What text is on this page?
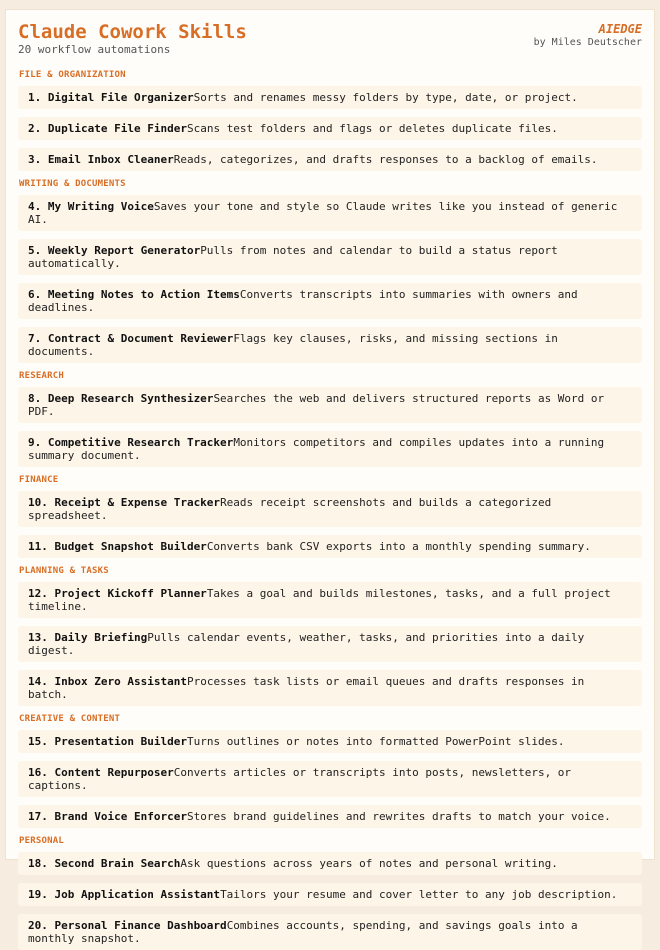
Claude Cowork Skills
20 workflow automations
AIEDGE
by Miles Deutscher
FILE & ORGANIZATION
1. Digital File OrganizerSorts and renames messy folders by type, date, or project.
2. Duplicate File FinderScans test folders and flags or deletes duplicate files.
3. Email Inbox CleanerReads, categorizes, and drafts responses to a backlog of emails.
WRITING & DOCUMENTS
4. My Writing VoiceSaves your tone and style so Claude writes like you instead of generic AI.
5. Weekly Report GeneratorPulls from notes and calendar to build a status report automatically.
6. Meeting Notes to Action ItemsConverts transcripts into summaries with owners and deadlines.
7. Contract & Document ReviewerFlags key clauses, risks, and missing sections in documents.
RESEARCH
8. Deep Research SynthesizerSearches the web and delivers structured reports as Word or PDF.
9. Competitive Research TrackerMonitors competitors and compiles updates into a running summary document.
FINANCE
10. Receipt & Expense TrackerReads receipt screenshots and builds a categorized spreadsheet.
11. Budget Snapshot BuilderConverts bank CSV exports into a monthly spending summary.
PLANNING & TASKS
12. Project Kickoff PlannerTakes a goal and builds milestones, tasks, and a full project timeline.
13. Daily BriefingPulls calendar events, weather, tasks, and priorities into a daily digest.
14. Inbox Zero AssistantProcesses task lists or email queues and drafts responses in batch.
CREATIVE & CONTENT
15. Presentation BuilderTurns outlines or notes into formatted PowerPoint slides.
16. Content RepurposerConverts articles or transcripts into posts, newsletters, or captions.
17. Brand Voice EnforcerStores brand guidelines and rewrites drafts to match your voice.
PERSONAL
18. Second Brain SearchAsk questions across years of notes and personal writing.
19. Job Application AssistantTailors your resume and cover letter to any job description.
20. Personal Finance DashboardCombines accounts, spending, and savings goals into a monthly snapshot.
